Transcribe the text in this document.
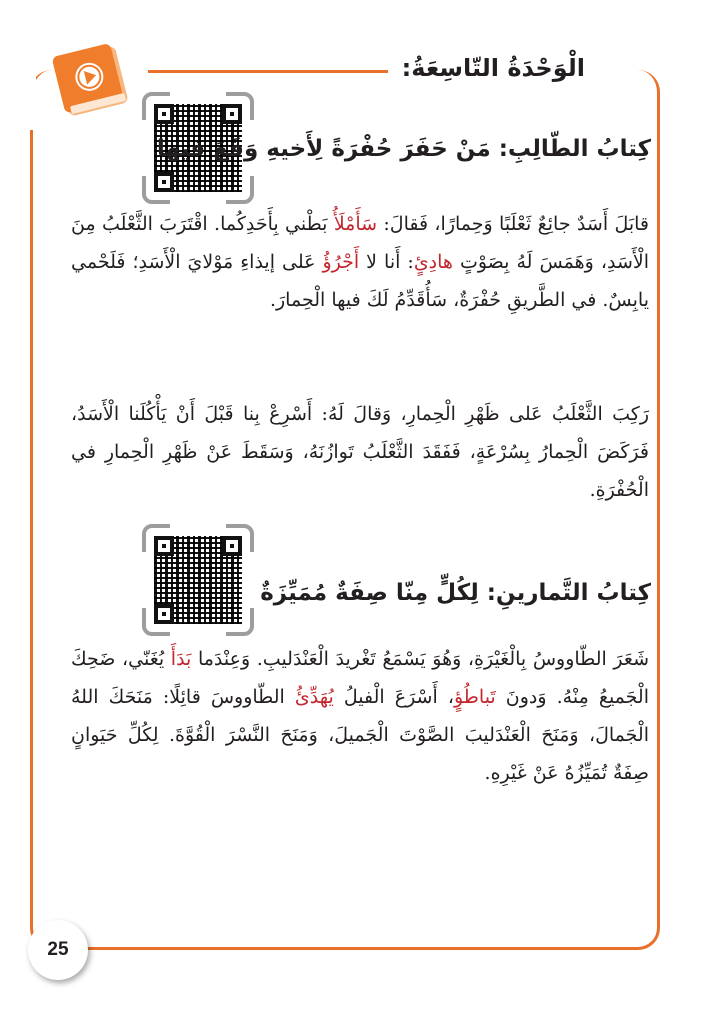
الْوَحْدَةُ التّاسِعَةُ:
كِتابُ الطّالِبِ: مَنْ حَفَرَ حُفْرَةً لِأَخيهِ وَقَعَ فيها

قابَلَ أَسَدٌ جائِعٌ ثَعْلَبًا وَحِمارًا، فَقالَ: سَأَمْلَأُ بَطْني بِأَحَدِكُما. اقْتَرَبَ الثَّعْلَبُ مِنَ الْأَسَدِ، وَهَمَسَ لَهُ بِصَوْتٍ هادِئٍ: أَنا لا أَجْرُؤُ عَلى إيذاءِ مَوْلايَ الْأَسَدِ؛ فَلَحْمي يابِسٌ. في الطَّريقِ حُفْرَةٌ، سَأُقَدِّمُ لَكَ فيها الْحِمارَ.

رَكِبَ الثَّعْلَبُ عَلى ظَهْرِ الْحِمارِ، وَقالَ لَهُ: أَسْرِعْ بِنا قَبْلَ أَنْ يَأْكُلَنا الْأَسَدُ، فَرَكَضَ الْحِمارُ بِسُرْعَةٍ، فَفَقَدَ الثَّعْلَبُ تَوازُنَهُ، وَسَقَطَ عَنْ ظَهْرِ الْحِمارِ في الْحُفْرَةِ.

كِتابُ التَّمارينِ: لِكُلٍّ مِنّا صِفَةٌ مُمَيِّزَةٌ

شَعَرَ الطّاووسُ بِالْغَيْرَةِ، وَهُوَ يَسْمَعُ تَغْريدَ الْعَنْدَليبِ. وَعِنْدَما بَدَأَ يُغَنّي، ضَحِكَ الْجَميعُ مِنْهُ. وَدونَ تَباطُؤٍ، أَسْرَعَ الْفيلُ يُهَدِّئُ الطّاووسَ قائِلًا: مَنَحَكَ اللهُ الْجَمالَ، وَمَنَحَ الْعَنْدَليبَ الصَّوْتَ الْجَميلَ، وَمَنَحَ النَّسْرَ الْقُوَّةَ. لِكُلِّ حَيَوانٍ صِفَةٌ تُمَيِّزُهُ عَنْ غَيْرِهِ.

25
